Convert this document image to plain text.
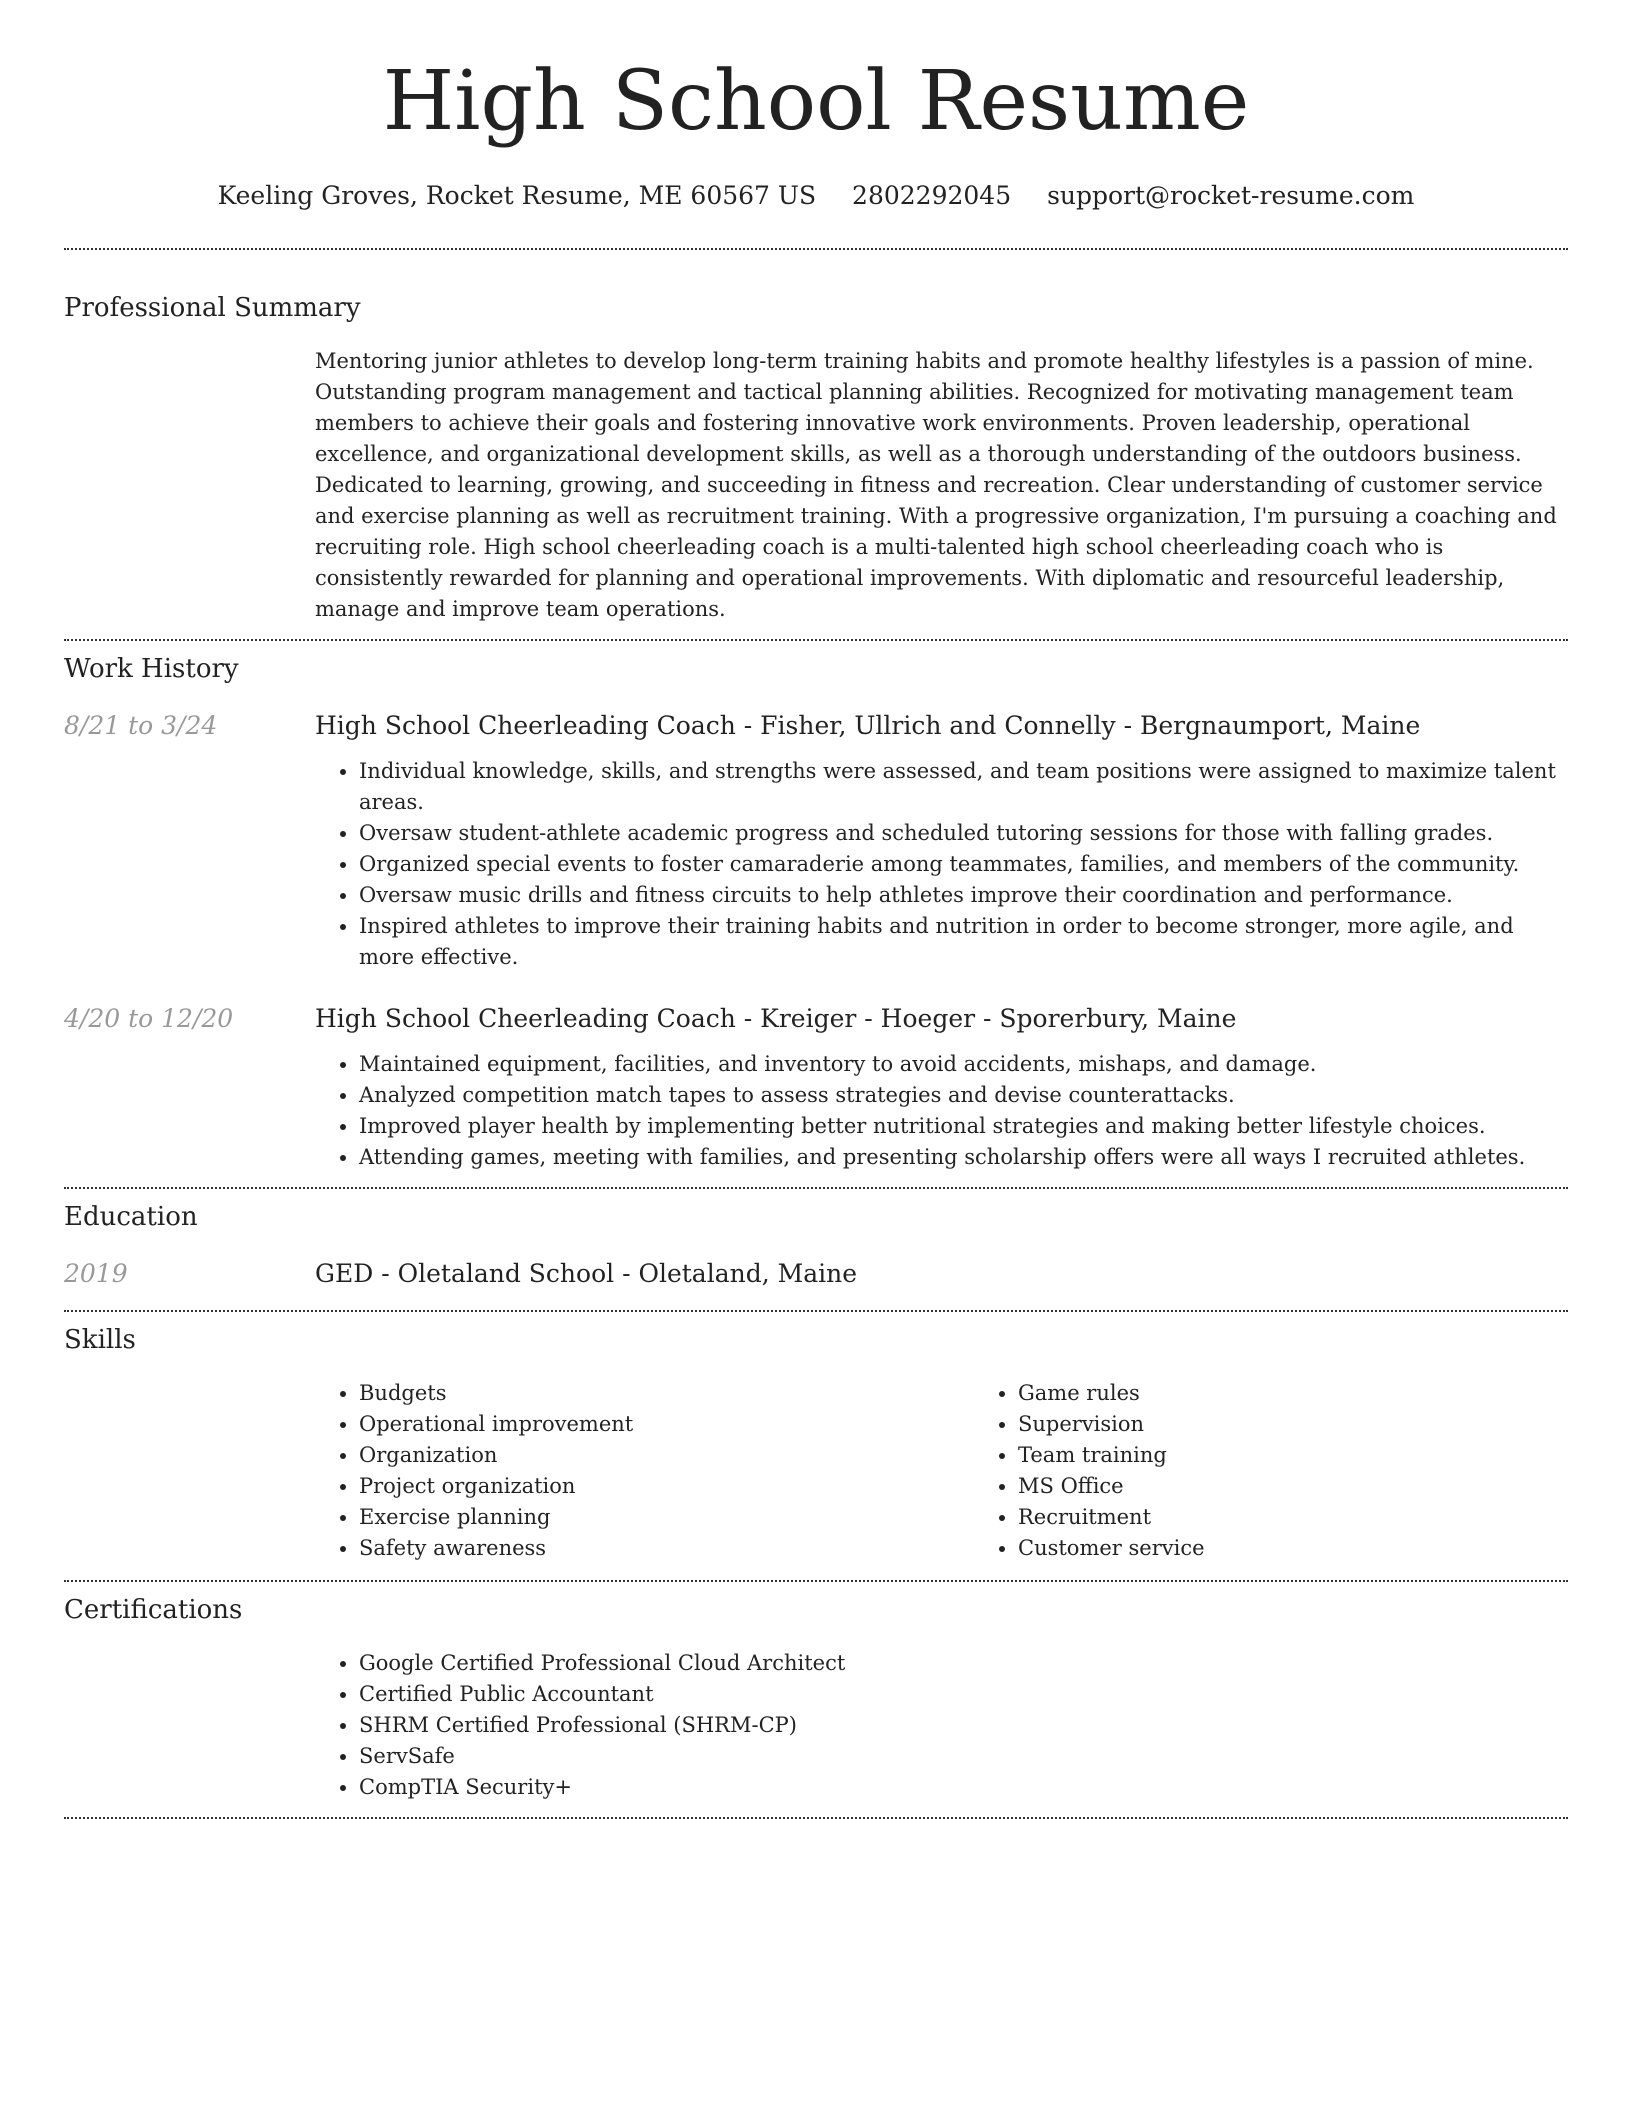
High School Resume
Keeling Groves, Rocket Resume, ME 60567 US 2802292045 support@rocket-resume.com
Professional Summary

Mentoring junior athletes to develop long-term training habits and promote healthy lifestyles is a passion of mine. Outstanding program management and tactical planning abilities. Recognized for motivating management team members to achieve their goals and fostering innovative work environments. Proven leadership, operational excellence, and organizational development skills, as well as a thorough understanding of the outdoors business. Dedicated to learning, growing, and succeeding in fitness and recreation. Clear understanding of customer service and exercise planning as well as recruitment training. With a progressive organization, I'm pursuing a coaching and recruiting role. High school cheerleading coach is a multi-talented high school cheerleading coach who is consistently rewarded for planning and operational improvements. With diplomatic and resourceful leadership, manage and improve team operations.

Work History
8/21 to 3/24	High School Cheerleading Coach - Fisher, Ullrich and Connelly - Bergnaumport, Maine
• Individual knowledge, skills, and strengths were assessed, and team positions were assigned to maximize talent areas.
• Oversaw student-athlete academic progress and scheduled tutoring sessions for those with falling grades.
• Organized special events to foster camaraderie among teammates, families, and members of the community.
• Oversaw music drills and fitness circuits to help athletes improve their coordination and performance.
• Inspired athletes to improve their training habits and nutrition in order to become stronger, more agile, and more effective.
4/20 to 12/20	High School Cheerleading Coach - Kreiger - Hoeger - Sporerbury, Maine
• Maintained equipment, facilities, and inventory to avoid accidents, mishaps, and damage.
• Analyzed competition match tapes to assess strategies and devise counterattacks.
• Improved player health by implementing better nutritional strategies and making better lifestyle choices.
• Attending games, meeting with families, and presenting scholarship offers were all ways I recruited athletes.
Education
2019	GED - Oletaland School - Oletaland, Maine
Skills
• Budgets
• Operational improvement
• Organization
• Project organization
• Exercise planning
• Safety awareness
• Game rules
• Supervision
• Team training
• MS Office
• Recruitment
• Customer service
Certifications
• Google Certified Professional Cloud Architect
• Certified Public Accountant
• SHRM Certified Professional (SHRM-CP)
• ServSafe
• CompTIA Security+
